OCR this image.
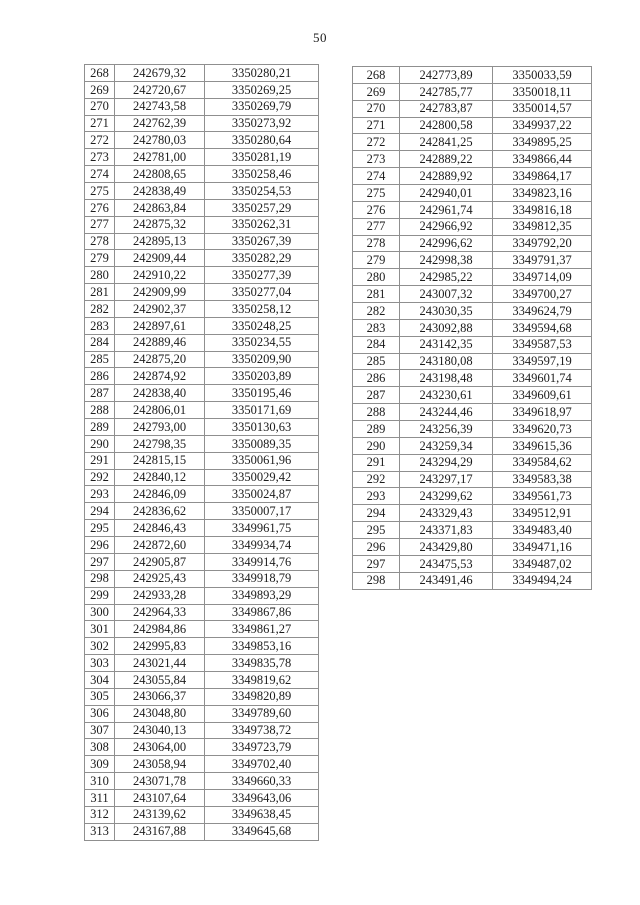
50
268	242679,32	3350280,21
269	242720,67	3350269,25
270	242743,58	3350269,79
271	242762,39	3350273,92
272	242780,03	3350280,64
273	242781,00	3350281,19
274	242808,65	3350258,46
275	242838,49	3350254,53
276	242863,84	3350257,29
277	242875,32	3350262,31
278	242895,13	3350267,39
279	242909,44	3350282,29
280	242910,22	3350277,39
281	242909,99	3350277,04
282	242902,37	3350258,12
283	242897,61	3350248,25
284	242889,46	3350234,55
285	242875,20	3350209,90
286	242874,92	3350203,89
287	242838,40	3350195,46
288	242806,01	3350171,69
289	242793,00	3350130,63
290	242798,35	3350089,35
291	242815,15	3350061,96
292	242840,12	3350029,42
293	242846,09	3350024,87
294	242836,62	3350007,17
295	242846,43	3349961,75
296	242872,60	3349934,74
297	242905,87	3349914,76
298	242925,43	3349918,79
299	242933,28	3349893,29
300	242964,33	3349867,86
301	242984,86	3349861,27
302	242995,83	3349853,16
303	243021,44	3349835,78
304	243055,84	3349819,62
305	243066,37	3349820,89
306	243048,80	3349789,60
307	243040,13	3349738,72
308	243064,00	3349723,79
309	243058,94	3349702,40
310	243071,78	3349660,33
311	243107,64	3349643,06
312	243139,62	3349638,45
313	243167,88	3349645,68
268	242773,89	3350033,59
269	242785,77	3350018,11
270	242783,87	3350014,57
271	242800,58	3349937,22
272	242841,25	3349895,25
273	242889,22	3349866,44
274	242889,92	3349864,17
275	242940,01	3349823,16
276	242961,74	3349816,18
277	242966,92	3349812,35
278	242996,62	3349792,20
279	242998,38	3349791,37
280	242985,22	3349714,09
281	243007,32	3349700,27
282	243030,35	3349624,79
283	243092,88	3349594,68
284	243142,35	3349587,53
285	243180,08	3349597,19
286	243198,48	3349601,74
287	243230,61	3349609,61
288	243244,46	3349618,97
289	243256,39	3349620,73
290	243259,34	3349615,36
291	243294,29	3349584,62
292	243297,17	3349583,38
293	243299,62	3349561,73
294	243329,43	3349512,91
295	243371,83	3349483,40
296	243429,80	3349471,16
297	243475,53	3349487,02
298	243491,46	3349494,24
